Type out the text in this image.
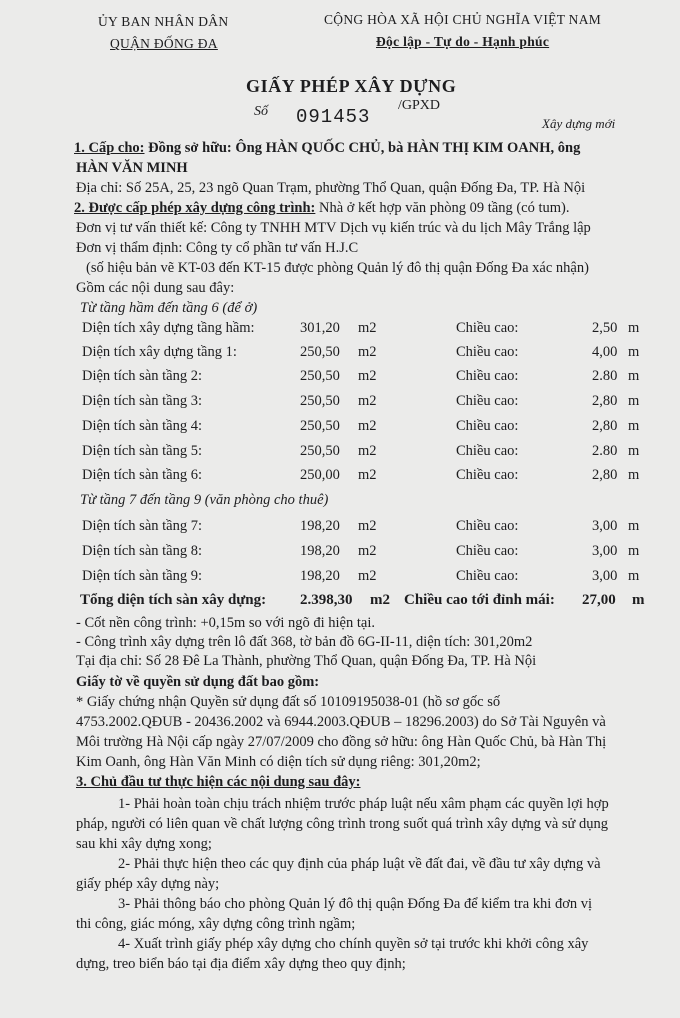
ỦY BAN NHÂN DÂN
QUẬN ĐỐNG ĐA
CỘNG HÒA XÃ HỘI CHỦ NGHĨA VIỆT NAM
Độc lập - Tự do - Hạnh phúc
GIẤY PHÉP XÂY DỰNG
Số 091453
/GPXD
Xây dựng mới
1. Cấp cho: Đồng sở hữu: Ông HÀN QUỐC CHỦ, bà HÀN THỊ KIM OANH, ông
HÀN VĂN MINH
Địa chỉ: Số 25A, 25, 23 ngõ Quan Trạm, phường Thổ Quan, quận Đống Đa, TP. Hà Nội
2. Được cấp phép xây dựng công trình: Nhà ở kết hợp văn phòng 09 tầng (có tum).
Đơn vị tư vấn thiết kế: Công ty TNHH MTV Dịch vụ kiến trúc và du lịch Mây Trắng lập
Đơn vị thẩm định: Công ty cổ phần tư vấn H.J.C
(số hiệu bản vẽ KT-03 đến KT-15 được phòng Quản lý đô thị quận Đống Đa xác nhận)
Gồm các nội dung sau đây:
Từ tầng hầm đến tầng 6 (để ở)
Diện tích xây dựng tầng hầm:	301,20 m2	Chiều cao:	2,50 m
Diện tích xây dựng tầng 1:	250,50 m2	Chiều cao:	4,00 m
Diện tích sàn tầng 2:	250,50 m2	Chiều cao:	2.80 m
Diện tích sàn tầng 3:	250,50 m2	Chiều cao:	2,80 m
Diện tích sàn tầng 4:	250,50 m2	Chiều cao:	2,80 m
Diện tích sàn tầng 5:	250,50 m2	Chiều cao:	2.80 m
Diện tích sàn tầng 6:	250,00 m2	Chiều cao:	2,80 m
Từ tầng 7 đến tầng 9 (văn phòng cho thuê)
Diện tích sàn tầng 7:	198,20 m2	Chiều cao:	3,00 m
Diện tích sàn tầng 8:	198,20 m2	Chiều cao:	3,00 m
Diện tích sàn tầng 9:	198,20 m2	Chiều cao:	3,00 m
Tổng diện tích sàn xây dựng: 2.398,30 m2 Chiều cao tới đỉnh mái: 27,00 m
- Cốt nền công trình: +0,15m so với ngõ đi hiện tại.
- Công trình xây dựng trên lô đất 368, tờ bản đồ 6G-II-11, diện tích: 301,20m2
Tại địa chỉ: Số 28 Đê La Thành, phường Thổ Quan, quận Đống Đa, TP. Hà Nội
Giấy tờ về quyền sử dụng đất bao gồm:
* Giấy chứng nhận Quyền sử dụng đất số 10109195038-01 (hồ sơ gốc số
4753.2002.QĐUB - 20436.2002 và 6944.2003.QĐUB – 18296.2003) do Sở Tài Nguyên và
Môi trường Hà Nội cấp ngày 27/07/2009 cho đồng sở hữu: ông Hàn Quốc Chủ, bà Hàn Thị
Kim Oanh, ông Hàn Văn Minh có diện tích sử dụng riêng: 301,20m2;
3. Chủ đầu tư thực hiện các nội dung sau đây:
1- Phải hoàn toàn chịu trách nhiệm trước pháp luật nếu xâm phạm các quyền lợi hợp
pháp, người có liên quan về chất lượng công trình trong suốt quá trình xây dựng và sử dụng
sau khi xây dựng xong;
2- Phải thực hiện theo các quy định của pháp luật về đất đai, về đầu tư xây dựng và
giấy phép xây dựng này;
3- Phải thông báo cho phòng Quản lý đô thị quận Đống Đa để kiểm tra khi đơn vị
thi công, giác móng, xây dựng công trình ngầm;
4- Xuất trình giấy phép xây dựng cho chính quyền sở tại trước khi khởi công xây
dựng, treo biển báo tại địa điểm xây dựng theo quy định;
